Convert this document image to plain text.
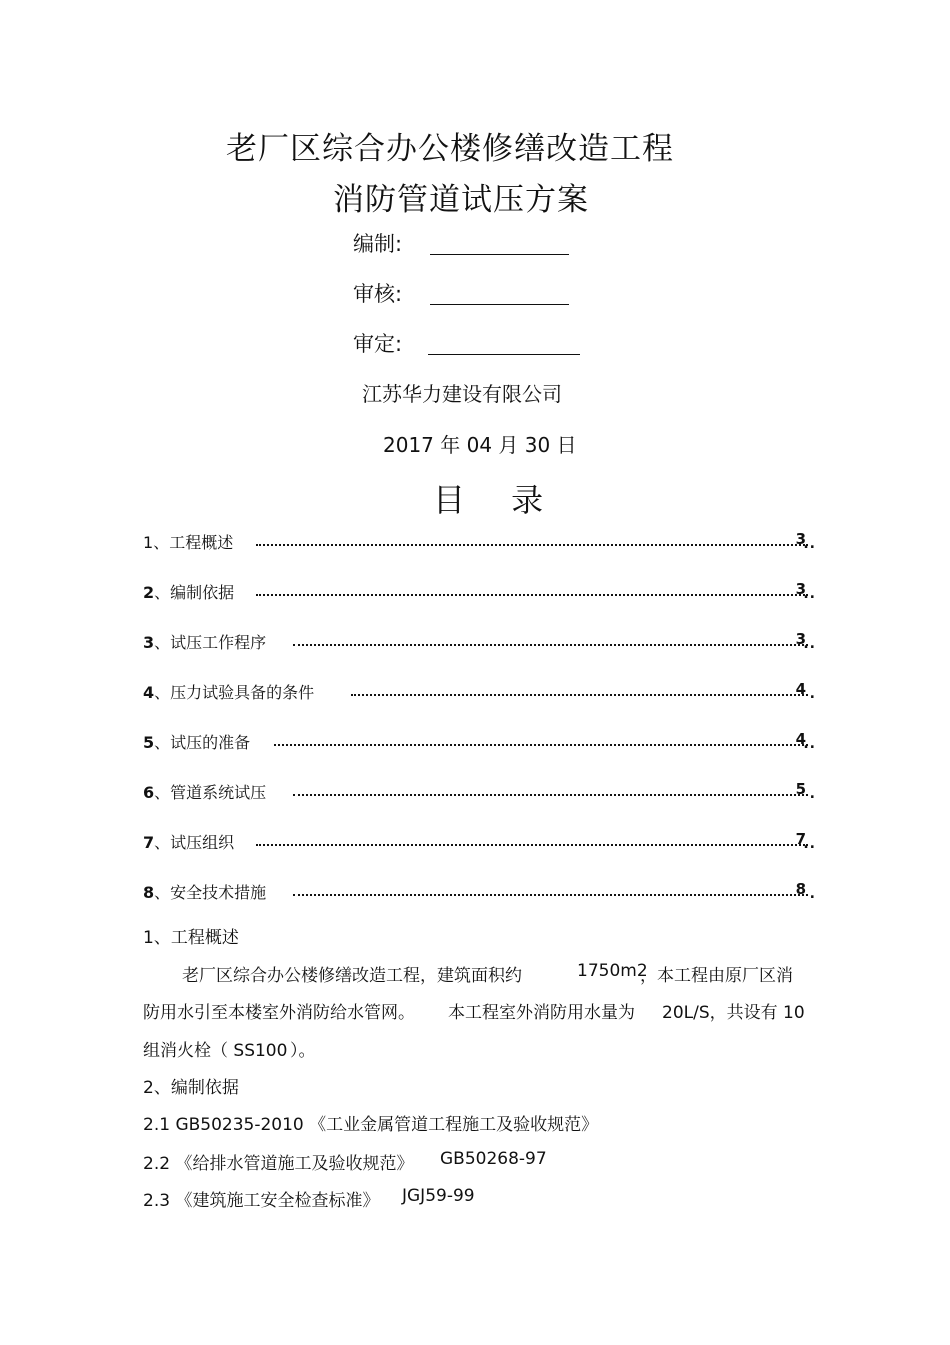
老厂区综合办公楼修缮改造工程
消防管道试压方案
编制:
审核:
审定:
江苏华力建设有限公司
2017 年 04 月 30 日
目 录
1、工程概述	3
..
2、编制依据	3
..
3、试压工作程序	3
..
4、压力试验具备的条件	4 .
5、试压的准备	4
..
6、管道系统试压	5 .
7、试压组织	7
..
8、安全技术措施	8 .
1、工程概述
老厂区综合办公楼修缮改造工程，建筑面积约	1750m2
，本工程由原厂区消
防用水引至本楼室外消防给水管网。 本工程室外消防用水量为 20L/S，共设有 10
组消火栓（ SS100 ）。
2、编制依据
2.1 GB50235-2010 《工业金属管道工程施工及验收规范》
2.2 《给排水管道施工及验收规范》 GB50268-97
2.3 《建筑施工安全检查标准》 JGJ59-99
